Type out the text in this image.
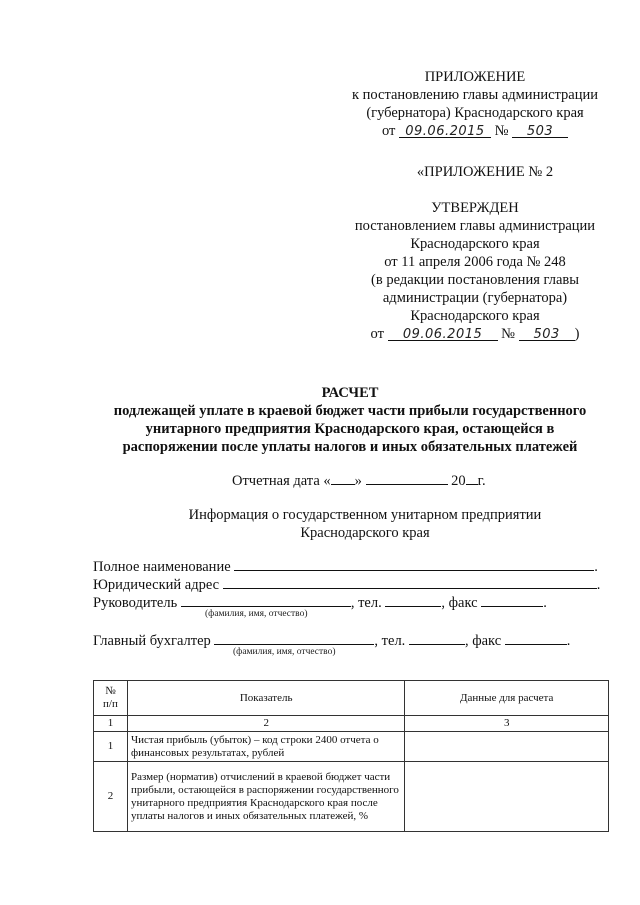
ПРИЛОЖЕНИЕ
к постановлению главы администрации
(губернатора) Краснодарского края
от 09.06.2015 № 503
«ПРИЛОЖЕНИЕ № 2
УТВЕРЖДЕН
постановлением главы администрации
Краснодарского края
от 11 апреля 2006 года № 248
(в редакции постановления главы
администрации (губернатора)
Краснодарского края
от 09.06.2015 № 503 )
РАСЧЕТ
подлежащей уплате в краевой бюджет части прибыли государственного
унитарного предприятия Краснодарского края, остающейся в
распоряжении после уплаты налогов и иных обязательных платежей
Отчетная дата « »	20 г.
Информация о государственном унитарном предприятии
Краснодарского края
Полное наименование	.
Юридический адрес	.
Руководитель	, тел.	, факс	.
(фамилия, имя, отчество)
Главный бухгалтер	, тел.	, факс	.
(фамилия, имя, отчество)
№
п/п	Показатель	Данные для расчета
1	2	3
1	Чистая прибыль (убыток) – код строки 2400 отчета о финансовых результатах, рублей	
2	Размер (норматив) отчислений в краевой бюджет части прибыли, остающейся в распоряжении государственного унитарного предприятия Краснодарского края после уплаты налогов и иных обязательных платежей, %	
